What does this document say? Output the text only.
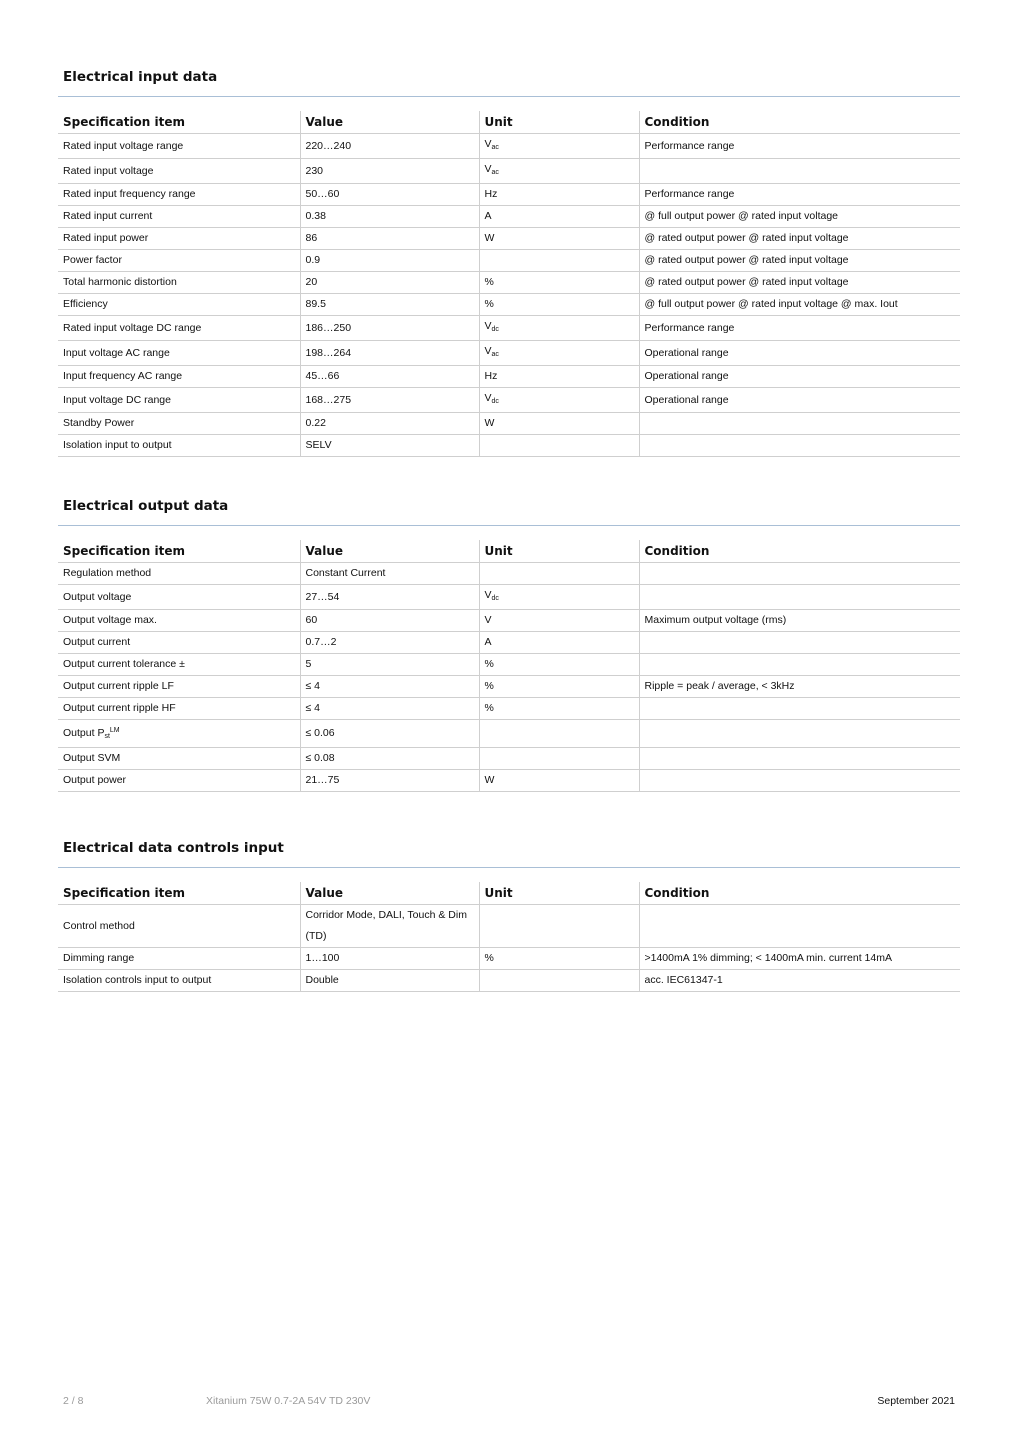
Electrical input data
Specification item	Value	Unit	Condition
Rated input voltage range	220…240	$V_{ac}$	Performance range
Rated input voltage	230	$V_{ac}$	
Rated input frequency range	50…60	Hz	Performance range
Rated input current	0.38	A	@ full output power @ rated input voltage
Rated input power	86	W	@ rated output power @ rated input voltage
Power factor	0.9		@ rated output power @ rated input voltage
Total harmonic distortion	20	%	@ rated output power @ rated input voltage
Efficiency	89.5	%	@ full output power @ rated input voltage @ max. Iout
Rated input voltage DC range	186…250	$V_{dc}$	Performance range
Input voltage AC range	198…264	$V_{ac}$	Operational range
Input frequency AC range	45…66	Hz	Operational range
Input voltage DC range	168…275	$V_{dc}$	Operational range
Standby Power	0.22	W	
Isolation input to output	SELV		
Electrical output data
Specification item	Value	Unit	Condition
Regulation method	Constant Current		
Output voltage	27…54	$V_{dc}$	
Output voltage max.	60	V	Maximum output voltage (rms)
Output current	0.7…2	A	
Output current tolerance ±	5	%	
Output current ripple LF	≤ 4	%	Ripple = peak / average, < 3kHz
Output current ripple HF	≤ 4	%	
Output $P_{st}^{LM}$	≤ 0.06		
Output SVM	≤ 0.08		
Output power	21…75	W	
Electrical data controls input
Specification item	Value	Unit	Condition
Control method	Corridor Mode, DALI, Touch & Dim (TD)		
Dimming range	1…100	%	>1400mA 1% dimming; < 1400mA min. current 14mA
Isolation controls input to output	Double		acc. IEC61347-1
2 / 8	Xitanium 75W 0.7-2A 54V TD 230V	September 2021
